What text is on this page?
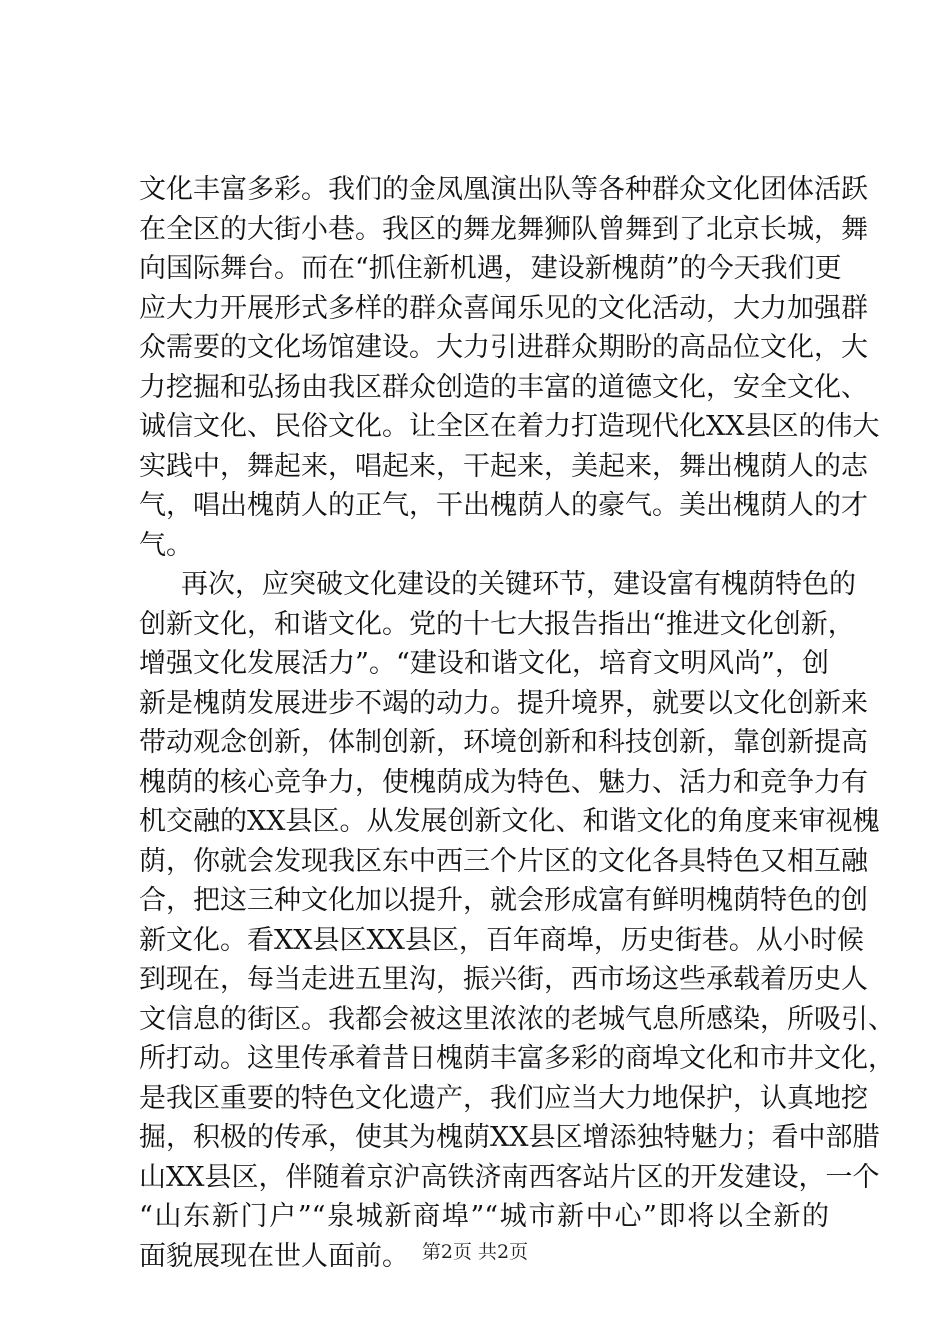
文化丰富多彩。我们的金凤凰演出队等各种群众文化团体活跃
在全区的大街小巷。我区的舞龙舞狮队曾舞到了北京长城，舞
向国际舞台。而在“抓住新机遇，建设新槐荫”的今天我们更
应大力开展形式多样的群众喜闻乐见的文化活动，大力加强群
众需要的文化场馆建设。大力引进群众期盼的高品位文化，大
力挖掘和弘扬由我区群众创造的丰富的道德文化，安全文化、
诚信文化、民俗文化。让全区在着力打造现代化XX县区的伟大
实践中，舞起来，唱起来，干起来，美起来，舞出槐荫人的志
气，唱出槐荫人的正气，干出槐荫人的豪气。美出槐荫人的才
气。
再次，应突破文化建设的关键环节，建设富有槐荫特色的
创新文化，和谐文化。党的十七大报告指出“推进文化创新，
增强文化发展活力”。“建设和谐文化，培育文明风尚”，创
新是槐荫发展进步不竭的动力。提升境界，就要以文化创新来
带动观念创新，体制创新，环境创新和科技创新，靠创新提高
槐荫的核心竞争力，使槐荫成为特色、魅力、活力和竞争力有
机交融的XX县区。从发展创新文化、和谐文化的角度来审视槐
荫，你就会发现我区东中西三个片区的文化各具特色又相互融
合，把这三种文化加以提升，就会形成富有鲜明槐荫特色的创
新文化。看XX县区XX县区，百年商埠，历史街巷。从小时候
到现在，每当走进五里沟，振兴街，西市场这些承载着历史人
文信息的街区。我都会被这里浓浓的老城气息所感染，所吸引、
所打动。这里传承着昔日槐荫丰富多彩的商埠文化和市井文化，
是我区重要的特色文化遗产，我们应当大力地保护，认真地挖
掘，积极的传承，使其为槐荫XX县区增添独特魅力；看中部腊
山XX县区，伴随着京沪高铁济南西客站片区的开发建设，一个
“山东新门户”“泉城新商埠”“城市新中心”即将以全新的
面貌展现在世人面前。 第2页 共2页
